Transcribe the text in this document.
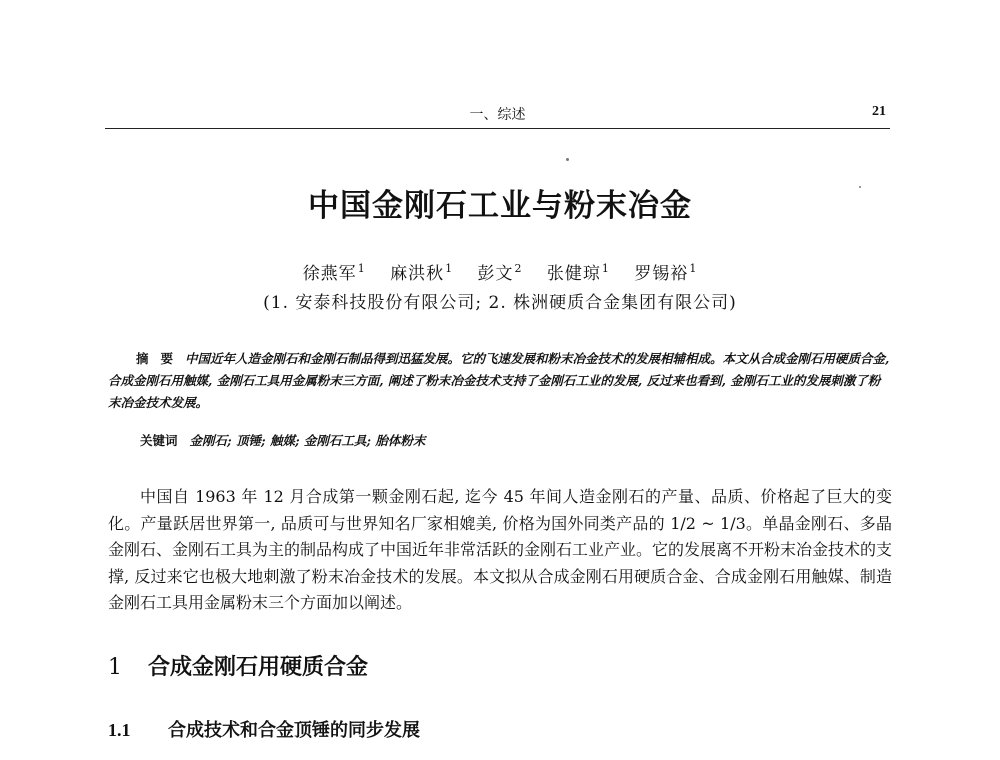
一、综述	21
中国金刚石工业与粉末冶金
徐燕军$^1$ 麻洪秋$^1$ 彭文$^2$ 张健琼$^1$ 罗锡裕$^1$
(1. 安泰科技股份有限公司; 2. 株洲硬质合金集团有限公司)
摘要中国近年人造金刚石和金刚石制品得到迅猛发展。它的飞速发展和粉末冶金技术的发展相辅相成。本文从合成金刚石用硬质合金, 合成金刚石用触媒, 金刚石工具用金属粉末三方面, 阐述了粉末冶金技术支持了金刚石工业的发展, 反过来也看到, 金刚石工业的发展刺激了粉末冶金技术发展。
关键词 金刚石; 顶锤; 触媒; 金刚石工具; 胎体粉末
中国自 1963 年 12 月合成第一颗金刚石起, 迄今 45 年间人造金刚石的产量、品质、价格起了巨大的变化。产量跃居世界第一, 品质可与世界知名厂家相媲美, 价格为国外同类产品的 1/2 ~ 1/3。单晶金刚石、多晶金刚石、金刚石工具为主的制品构成了中国近年非常活跃的金刚石工业产业。它的发展离不开粉末冶金技术的支撑, 反过来它也极大地刺激了粉末冶金技术的发展。本文拟从合成金刚石用硬质合金、合成金刚石用触媒、制造金刚石工具用金属粉末三个方面加以阐述。
1 合成金刚石用硬质合金
1.1 合成技术和合金顶锤的同步发展
